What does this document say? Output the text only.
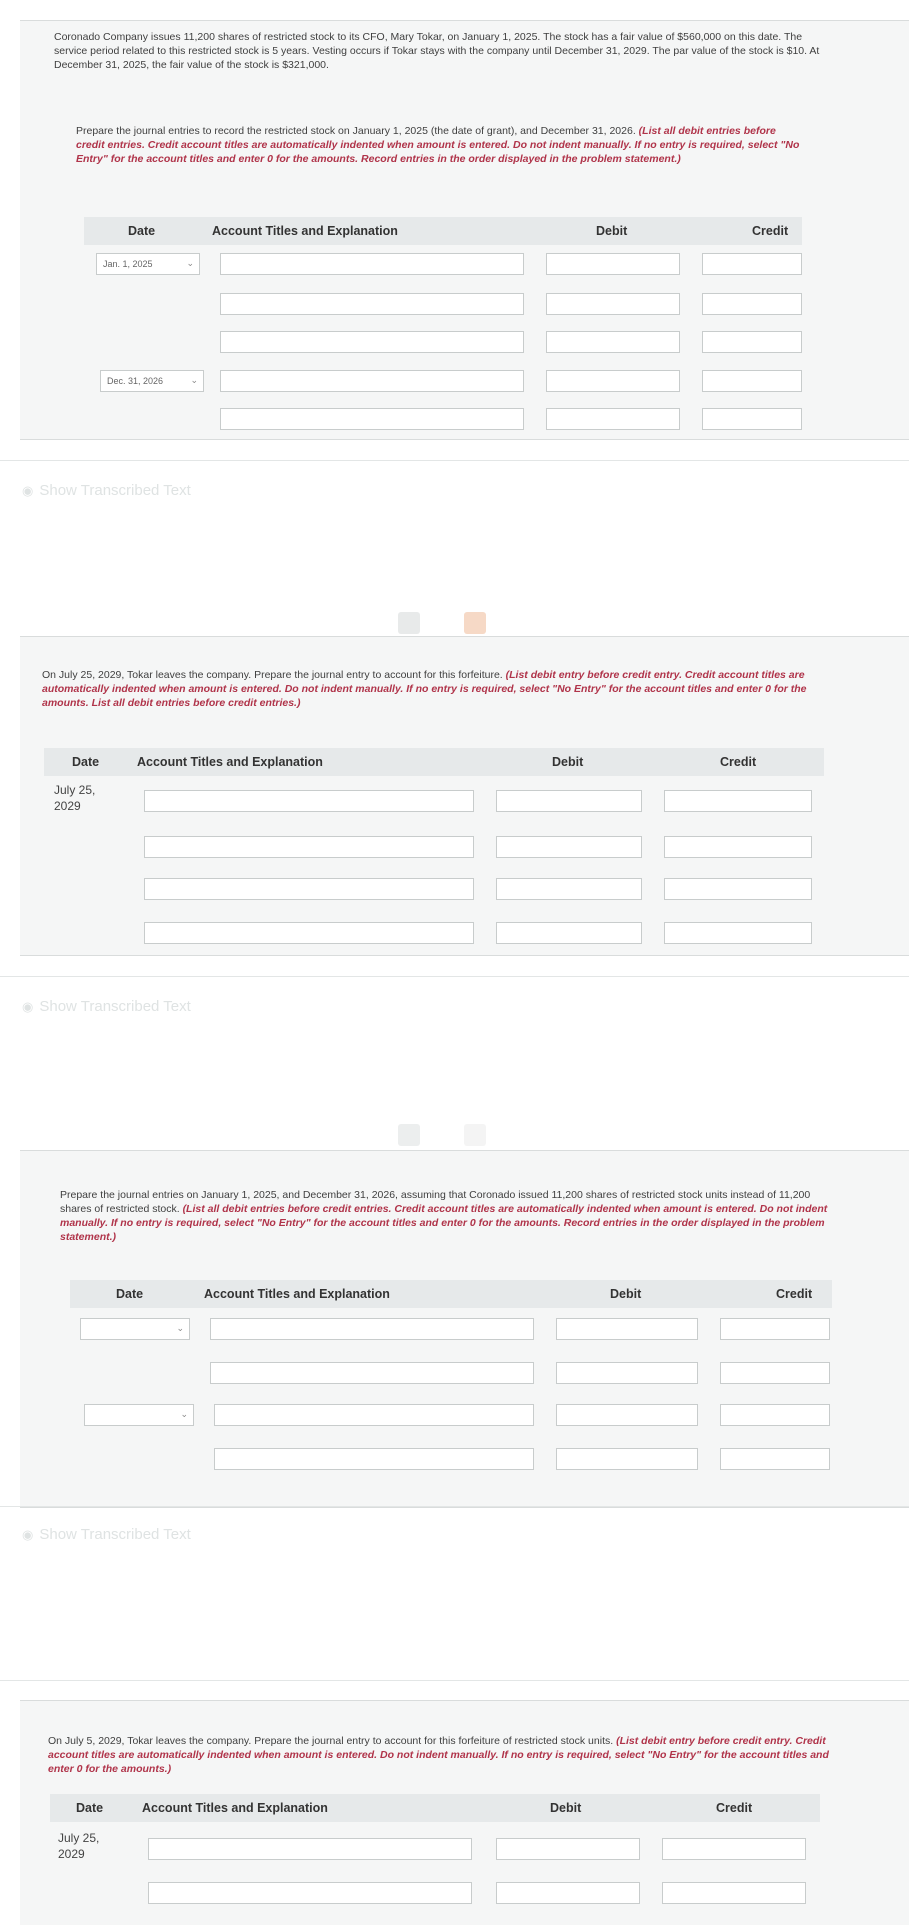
Coronado Company issues 11,200 shares of restricted stock to its CFO, Mary Tokar, on January 1, 2025. The stock has a fair value of $560,000 on this date. The service period related to this restricted stock is 5 years. Vesting occurs if Tokar stays with the company until December 31, 2029. The par value of the stock is $10. At December 31, 2025, the fair value of the stock is $321,000.
Prepare the journal entries to record the restricted stock on January 1, 2025 (the date of grant), and December 31, 2026. (List all debit entries before credit entries. Credit account titles are automatically indented when amount is entered. Do not indent manually. If no entry is required, select "No Entry" for the account titles and enter 0 for the amounts. Record entries in the order displayed in the problem statement.)
Date	Account Titles and Explanation	Debit	Credit
Jan. 1, 2025	⌄
Dec. 31, 2026	⌄
◉ Show Transcribed Text
On July 25, 2029, Tokar leaves the company. Prepare the journal entry to account for this forfeiture. (List debit entry before credit entry. Credit account titles are automatically indented when amount is entered. Do not indent manually. If no entry is required, select "No Entry" for the account titles and enter 0 for the amounts. List all debit entries before credit entries.)
Date	Account Titles and Explanation	Debit	Credit
July 25, 2029
◉ Show Transcribed Text
Prepare the journal entries on January 1, 2025, and December 31, 2026, assuming that Coronado issued 11,200 shares of restricted stock units instead of 11,200 shares of restricted stock. (List all debit entries before credit entries. Credit account titles are automatically indented when amount is entered. Do not indent manually. If no entry is required, select "No Entry" for the account titles and enter 0 for the amounts. Record entries in the order displayed in the problem statement.)
Date	Account Titles and Explanation	Debit	Credit
⌄
⌄
◉ Show Transcribed Text
On July 5, 2029, Tokar leaves the company. Prepare the journal entry to account for this forfeiture of restricted stock units. (List debit entry before credit entry. Credit account titles are automatically indented when amount is entered. Do not indent manually. If no entry is required, select "No Entry" for the account titles and enter 0 for the amounts.)
Date	Account Titles and Explanation	Debit	Credit
July 25, 2029
